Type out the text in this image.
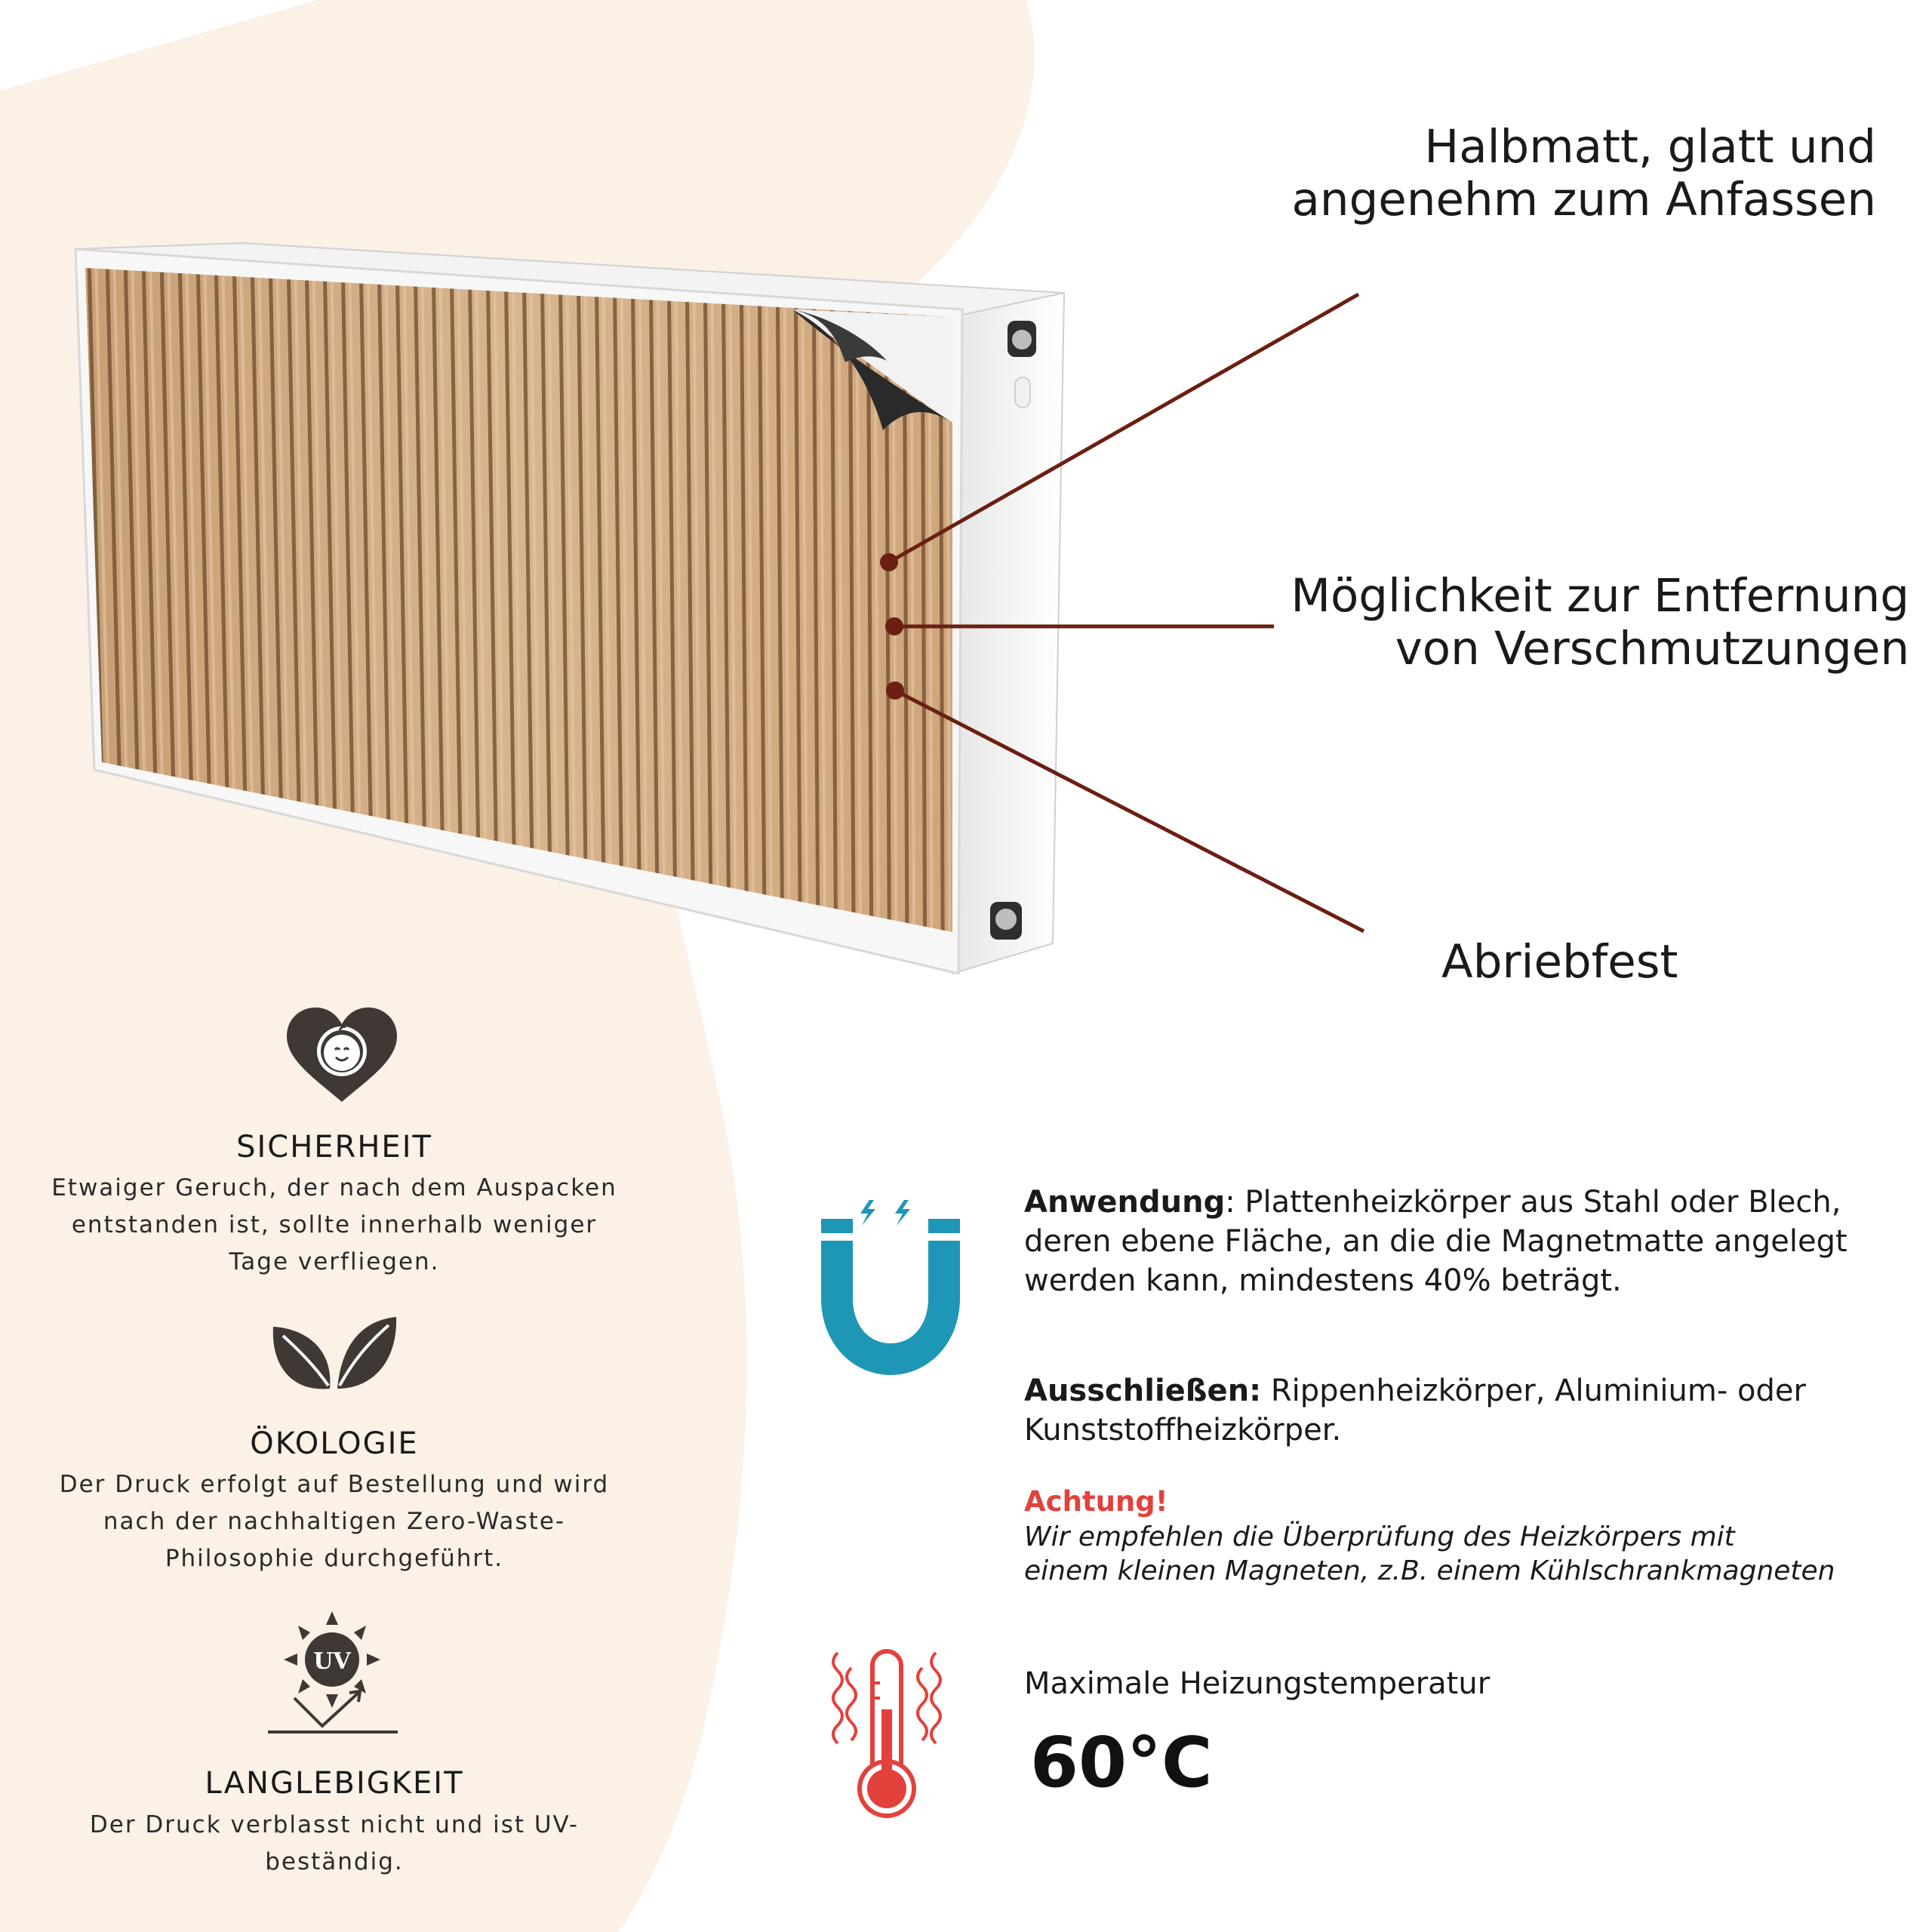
Halbmatt, glatt und
angenehm zum Anfassen
Möglichkeit zur Entfernung
von Verschmutzungen
Abriebfest
SICHERHEIT
Etwaiger Geruch, der nach dem Auspacken
entstanden ist, sollte innerhalb weniger
Tage verfliegen.
ÖKOLOGIE
Der Druck erfolgt auf Bestellung und wird
nach der nachhaltigen Zero-Waste-
Philosophie durchgeführt.
UV
LANGLEBIGKEIT
Der Druck verblasst nicht und ist UV-
beständig.
Anwendung: Plattenheizkörper aus Stahl oder Blech,
deren ebene Fläche, an die die Magnetmatte angelegt
werden kann, mindestens 40% beträgt.
Ausschließen: Rippenheizkörper, Aluminium- oder
Kunststoffheizkörper.
Achtung!
Wir empfehlen die Überprüfung des Heizkörpers mit
einem kleinen Magneten, z.B. einem Kühlschrankmagneten
Maximale Heizungstemperatur
60°C
